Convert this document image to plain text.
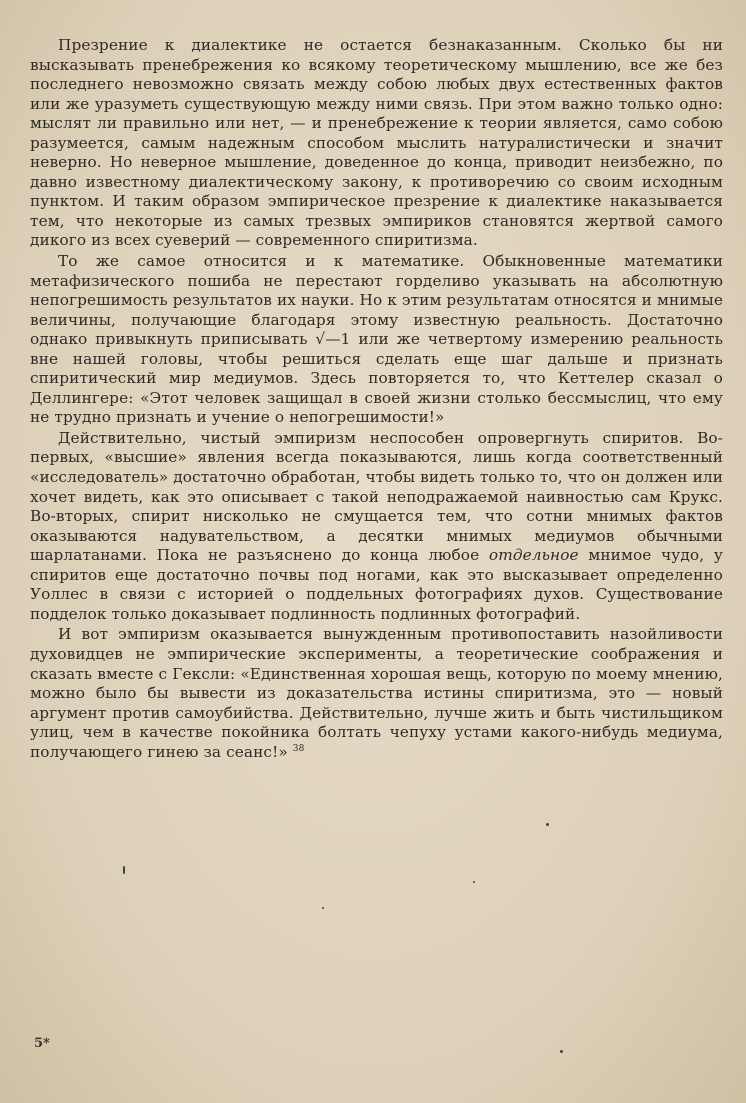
Презрение к диалектике не остается безнаказанным. Сколько бы ни высказывать пренебрежения ко всякому теоретическому мышлению, все же без последнего невозможно связать между собою любых двух естественных фактов или же уразуметь существующую между ними связь. При этом важно только одно: мыслят ли правильно или нет, — и пренебрежение к теории является, само собою разумеется, самым надежным способом мыслить натуралистически и значит неверно. Но неверное мышление, доведенное до конца, приводит неизбежно, по давно известному диалектическому закону, к противоречию со своим исходным пунктом. И таким образом эмпирическое презрение к диалектике наказывается тем, что некоторые из самых трезвых эмпириков становятся жертвой самого дикого из всех суеверий — современного спиритизма.

То же самое относится и к математике. Обыкновенные математики метафизического пошиба не перестают горделиво указывать на абсолютную непогрешимость результатов их науки. Но к этим результатам относятся и мнимые величины, получающие благодаря этому известную реальность. Достаточно однако привыкнуть приписывать √—1 или же четвертому измерению реальность вне нашей головы, чтобы решиться сделать еще шаг дальше и признать спиритический мир медиумов. Здесь повторяется то, что Кеттелер сказал о Деллингере: «Этот человек защищал в своей жизни столько бессмыслиц, что ему не трудно признать и учение о непогрешимости!»

Действительно, чистый эмпиризм неспособен опровергнуть спиритов. Во-первых, «высшие» явления всегда показываются, лишь когда соответственный «исследователь» достаточно обработан, чтобы видеть только то, что он должен или хочет видеть, как это описывает с такой неподражаемой наивностью сам Крукс. Во-вторых, спирит нисколько не смущается тем, что сотни мнимых фактов оказываются надувательством, а десятки мнимых медиумов обычными шарлатанами. Пока не разъяснено до конца любое отдельное мнимое чудо, у спиритов еще достаточно почвы под ногами, как это высказывает определенно Уоллес в связи с историей о поддельных фотографиях духов. Существование подделок только доказывает подлинность подлинных фотографий.

И вот эмпиризм оказывается вынужденным противопоставить назойливости духовидцев не эмпирические эксперименты, а теоретические соображения и сказать вместе с Гексли: «Единственная хорошая вещь, которую по моему мнению, можно было бы вывести из доказательства истины спиритизма, это — новый аргумент против самоубийства. Действительно, лучше жить и быть чистильщиком улиц, чем в качестве покойника болтать чепуху устами какого-нибудь медиума, получающего гинею за сеанс!» $^{38}$

5*
